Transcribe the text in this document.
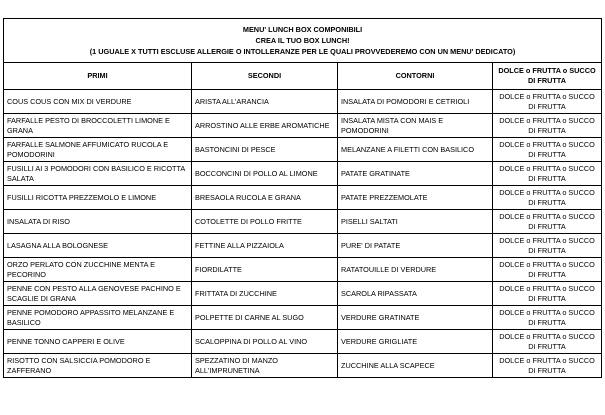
MENU' LUNCH BOX COMPONIBILI
CREA IL TUO BOX LUNCH!
(1 UGUALE X TUTTI ESCLUSE ALLERGIE O INTOLLERANZE PER LE QUALI PROVVEDEREMO CON UN MENU' DEDICATO)			

PRIMI	SECONDI	CONTORNI	DOLCE o FRUTTA o SUCCO DI FRUTTA
COUS COUS CON MIX DI VERDURE	ARISTA ALL'ARANCIA	INSALATA DI POMODORI E CETRIOLI	DOLCE o FRUTTA o SUCCO DI FRUTTA
FARFALLE PESTO DI BROCCOLETTI LIMONE E GRANA	ARROSTINO ALLE ERBE AROMATICHE	INSALATA MISTA CON MAIS E POMODORINI	DOLCE o FRUTTA o SUCCO DI FRUTTA
FARFALLE SALMONE AFFUMICATO RUCOLA E POMODORINI	BASTONCINI DI PESCE	MELANZANE A FILETTI CON BASILICO	DOLCE o FRUTTA o SUCCO DI FRUTTA
FUSILLI AI 3 POMODORI CON BASILICO E RICOTTA SALATA	BOCCONCINI DI POLLO AL LIMONE	PATATE GRATINATE	DOLCE o FRUTTA o SUCCO DI FRUTTA
FUSILLI RICOTTA PREZZEMOLO E LIMONE	BRESAOLA RUCOLA E GRANA	PATATE PREZZEMOLATE	DOLCE o FRUTTA o SUCCO DI FRUTTA
INSALATA DI RISO	COTOLETTE DI POLLO FRITTE	PISELLI SALTATI	DOLCE o FRUTTA o SUCCO DI FRUTTA
LASAGNA ALLA BOLOGNESE	FETTINE ALLA PIZZAIOLA	PURE' DI PATATE	DOLCE o FRUTTA o SUCCO DI FRUTTA
ORZO PERLATO CON ZUCCHINE MENTA E PECORINO	FIORDILATTE	RATATOUILLE DI VERDURE	DOLCE o FRUTTA o SUCCO DI FRUTTA
PENNE CON PESTO ALLA GENOVESE PACHINO E SCAGLIE DI GRANA	FRITTATA DI ZUCCHINE	SCAROLA RIPASSATA	DOLCE o FRUTTA o SUCCO DI FRUTTA
PENNE POMODORO APPASSITO MELANZANE E BASILICO	POLPETTE DI CARNE AL SUGO	VERDURE GRATINATE	DOLCE o FRUTTA o SUCCO DI FRUTTA
PENNE TONNO CAPPERI E OLIVE	SCALOPPINA DI POLLO AL VINO	VERDURE GRIGLIATE	DOLCE o FRUTTA o SUCCO DI FRUTTA
RISOTTO CON SALSICCIA POMODORO E ZAFFERANO	SPEZZATINO DI MANZO ALL'IMPRUNETINA	ZUCCHINE ALLA SCAPECE	DOLCE o FRUTTA o SUCCO DI FRUTTA
